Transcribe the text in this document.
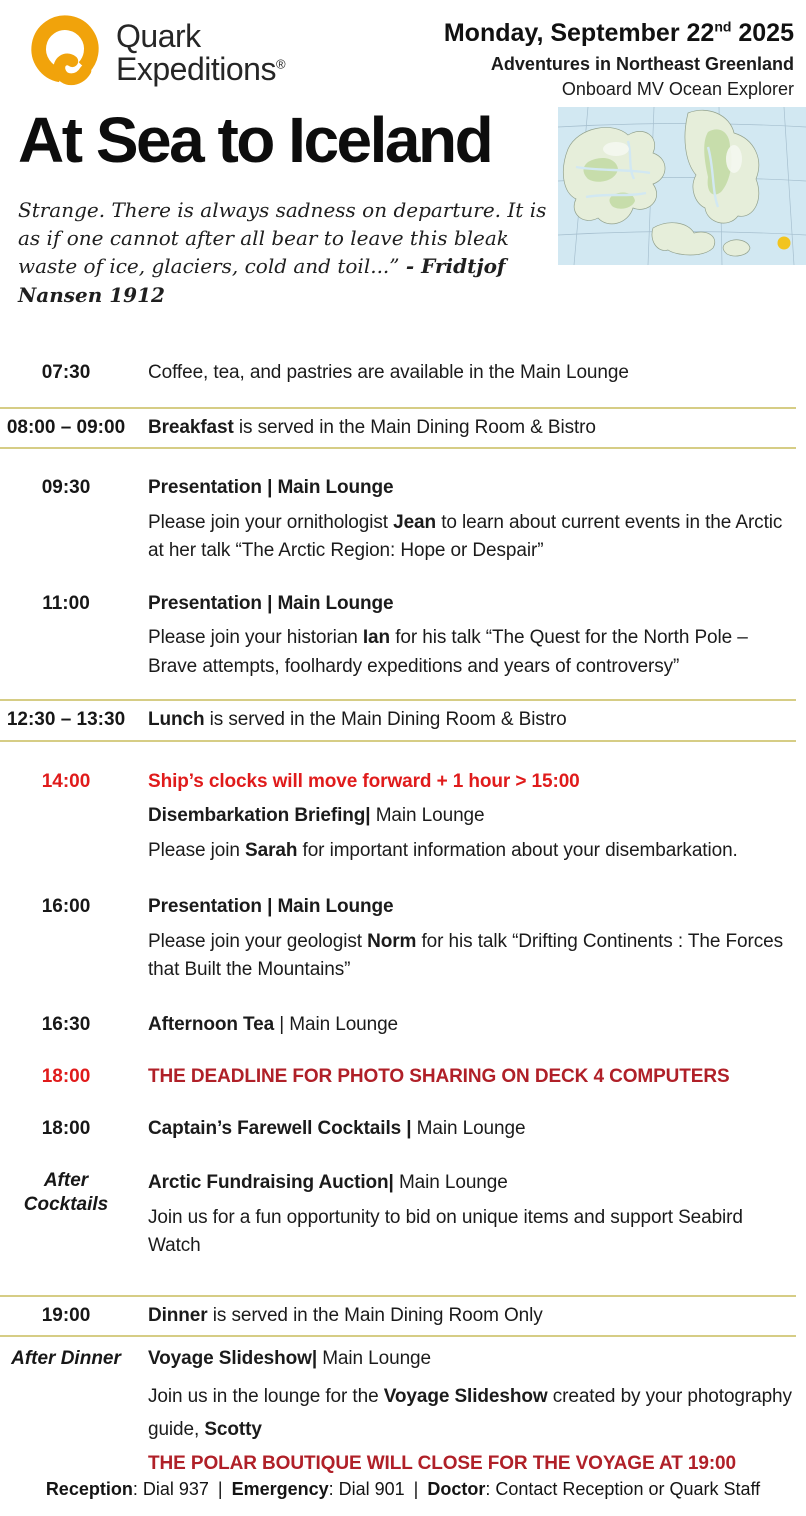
Quark
Expeditions®
Monday, September 22nd 2025
Adventures in Northeast Greenland
Onboard MV Ocean Explorer
At Sea to Iceland
Strange. There is always sadness on departure. It is as if one cannot after all bear to leave this bleak waste of ice, glaciers, cold and toil...” - Fridtjof Nansen 1912
07:30	Coffee, tea, and pastries are available in the Main Lounge
08:00 – 09:00	Breakfast is served in the Main Dining Room & Bistro
09:30	Presentation | Main Lounge
Please join your ornithologist Jean to learn about current events in the Arctic at her talk “The Arctic Region: Hope or Despair”
11:00	Presentation | Main Lounge
Please join your historian Ian for his talk “The Quest for the North Pole – Brave attempts, foolhardy expeditions and years of controversy”
12:30 – 13:30	Lunch is served in the Main Dining Room & Bistro
14:00	Ship’s clocks will move forward + 1 hour > 15:00
Disembarkation Briefing| Main Lounge
Please join Sarah for important information about your disembarkation.
16:00	Presentation | Main Lounge
Please join your geologist Norm for his talk “Drifting Continents : The Forces that Built the Mountains”
16:30	Afternoon Tea | Main Lounge
18:00	THE DEADLINE FOR PHOTO SHARING ON DECK 4 COMPUTERS
18:00	Captain’s Farewell Cocktails | Main Lounge
After
Cocktails
Arctic Fundraising Auction| Main Lounge
Join us for a fun opportunity to bid on unique items and support Seabird Watch
19:00	Dinner is served in the Main Dining Room Only
After Dinner	Voyage Slideshow| Main Lounge
Join us in the lounge for the Voyage Slideshow created by your photography guide, Scotty
THE POLAR BOUTIQUE WILL CLOSE FOR THE VOYAGE AT 19:00
Reception: Dial 937 | Emergency: Dial 901 | Doctor: Contact Reception or Quark Staff
